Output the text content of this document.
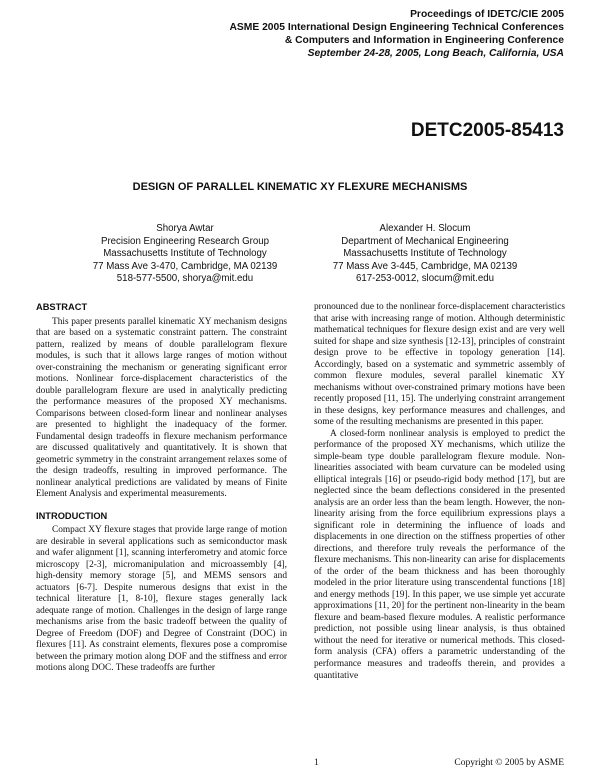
Proceedings of IDETC/CIE 2005
ASME 2005 International Design Engineering Technical Conferences
& Computers and Information in Engineering Conference
September 24-28, 2005, Long Beach, California, USA
DETC2005-85413
DESIGN OF PARALLEL KINEMATIC XY FLEXURE MECHANISMS
Shorya Awtar
Precision Engineering Research Group
Massachusetts Institute of Technology
77 Mass Ave 3-470, Cambridge, MA 02139
518-577-5500, shorya@mit.edu
Alexander H. Slocum
Department of Mechanical Engineering
Massachusetts Institute of Technology
77 Mass Ave 3-445, Cambridge, MA 02139
617-253-0012, slocum@mit.edu
ABSTRACT

This paper presents parallel kinematic XY mechanism designs that are based on a systematic constraint pattern. The constraint pattern, realized by means of double parallelogram flexure modules, is such that it allows large ranges of motion without over-constraining the mechanism or generating significant error motions. Nonlinear force-displacement characteristics of the double parallelogram flexure are used in analytically predicting the performance measures of the proposed XY mechanisms. Comparisons between closed-form linear and nonlinear analyses are presented to highlight the inadequacy of the former. Fundamental design tradeoffs in flexure mechanism performance are discussed qualitatively and quantitatively. It is shown that geometric symmetry in the constraint arrangement relaxes some of the design tradeoffs, resulting in improved performance. The nonlinear analytical predictions are validated by means of Finite Element Analysis and experimental measurements.

INTRODUCTION

Compact XY flexure stages that provide large range of motion are desirable in several applications such as semiconductor mask and wafer alignment [1], scanning interferometry and atomic force microscopy [2-3], micromanipulation and microassembly [4], high-density memory storage [5], and MEMS sensors and actuators [6-7]. Despite numerous designs that exist in the technical literature [1, 8-10], flexure stages generally lack adequate range of motion. Challenges in the design of large range mechanisms arise from the basic tradeoff between the quality of Degree of Freedom (DOF) and Degree of Constraint (DOC) in flexures [11]. As constraint elements, flexures pose a compromise between the primary motion along DOF and the stiffness and error motions along DOC. These tradeoffs are further

pronounced due to the nonlinear force-displacement characteristics that arise with increasing range of motion. Although deterministic mathematical techniques for flexure design exist and are very well suited for shape and size synthesis [12-13], principles of constraint design prove to be effective in topology generation [14]. Accordingly, based on a systematic and symmetric assembly of common flexure modules, several parallel kinematic XY mechanisms without over-constrained primary motions have been recently proposed [11, 15]. The underlying constraint arrangement in these designs, key performance measures and challenges, and some of the resulting mechanisms are presented in this paper.

A closed-form nonlinear analysis is employed to predict the performance of the proposed XY mechanisms, which utilize the simple-beam type double parallelogram flexure module. Non-linearities associated with beam curvature can be modeled using elliptical integrals [16] or pseudo-rigid body method [17], but are neglected since the beam deflections considered in the presented analysis are an order less than the beam length. However, the non-linearity arising from the force equilibrium expressions plays a significant role in determining the influence of loads and displacements in one direction on the stiffness properties of other directions, and therefore truly reveals the performance of the flexure mechanisms. This non-linearity can arise for displacements of the order of the beam thickness and has been thoroughly modeled in the prior literature using transcendental functions [18] and energy methods [19]. In this paper, we use simple yet accurate approximations [11, 20] for the pertinent non-linearity in the beam flexure and beam-based flexure modules. A realistic performance prediction, not possible using linear analysis, is thus obtained without the need for iterative or numerical methods. This closed-form analysis (CFA) offers a parametric understanding of the performance measures and tradeoffs therein, and provides a quantitative

1	Copyright © 2005 by ASME
